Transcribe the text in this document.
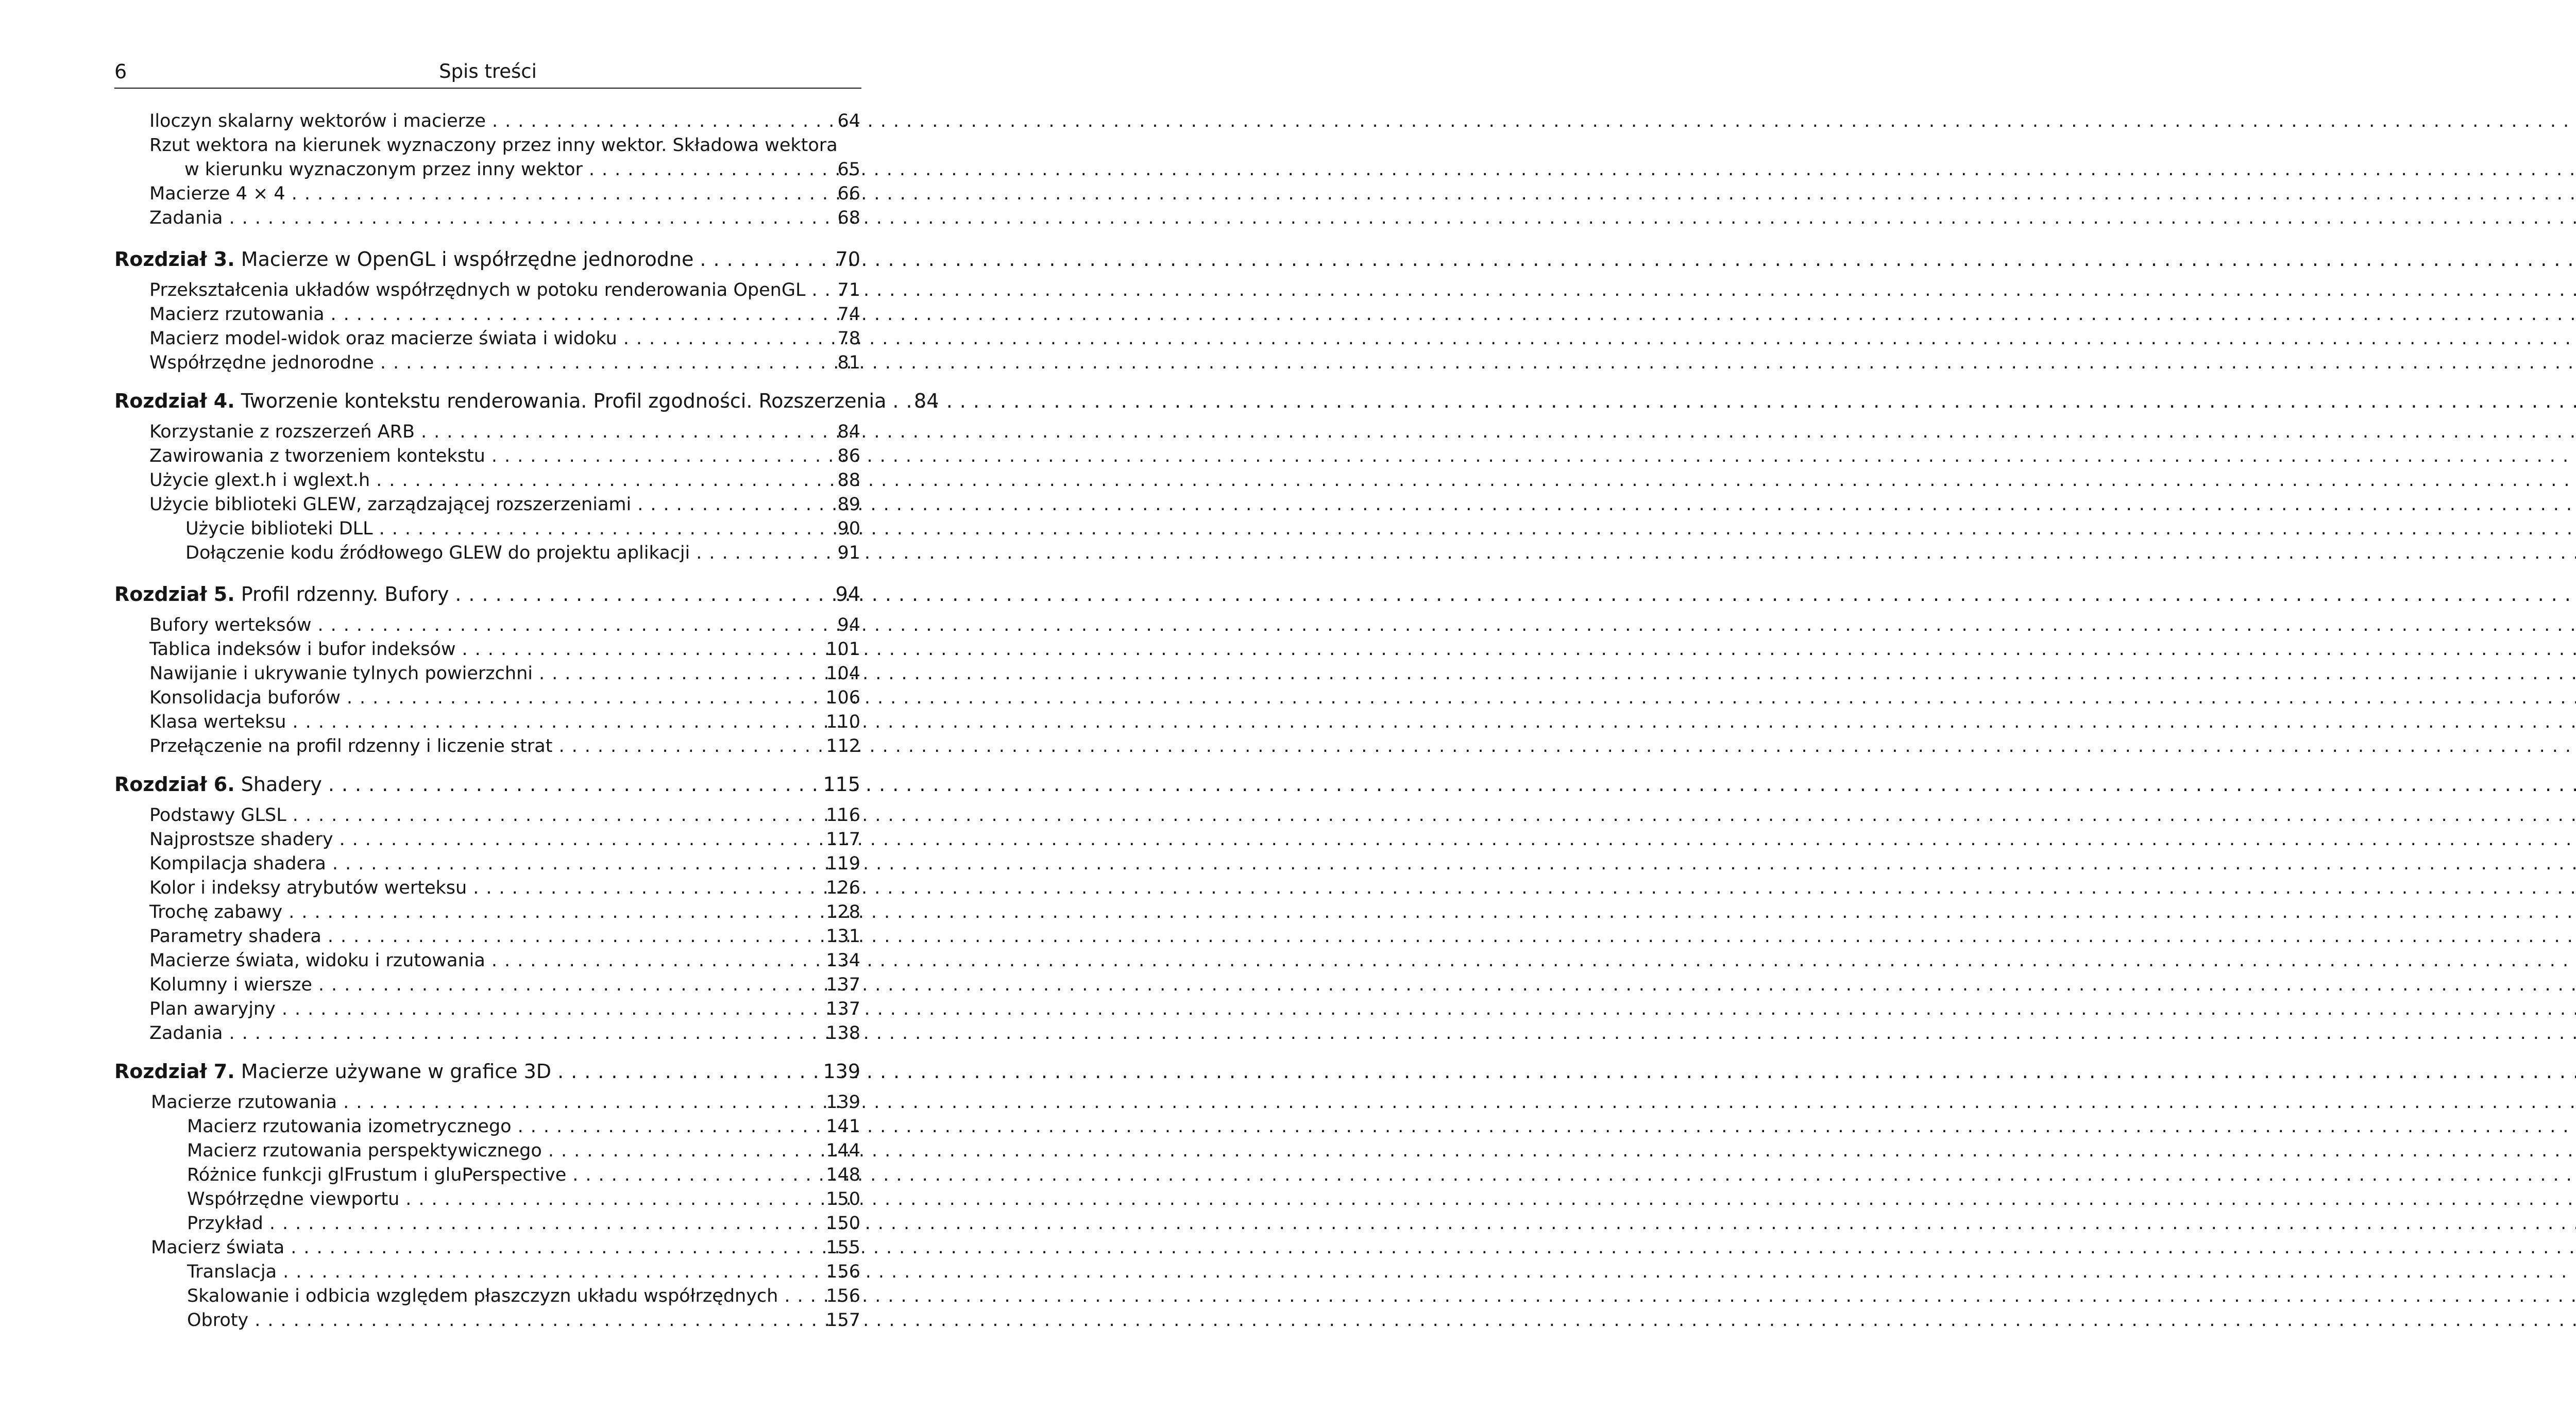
6	Spis treści
Iloczyn skalarny wektorów i macierze .....	64
Rzut wektora na kierunek wyznaczony przez inny wektor. Składowa wektora
w kierunku wyznaczonym przez inny wektor .....	65
Macierze 4 × 4 .....	66
Zadania .....	68
Rozdział 3. Macierze w OpenGL i współrzędne jednorodne .....	70
Przekształcenia układów współrzędnych w potoku renderowania OpenGL .....	71
Macierz rzutowania .....	74
Macierz model-widok oraz macierze świata i widoku .....	78
Współrzędne jednorodne .....	81
Rozdział 4. Tworzenie kontekstu renderowania. Profil zgodności. Rozszerzenia .....	84
Korzystanie z rozszerzeń ARB .....	84
Zawirowania z tworzeniem kontekstu .....	86
Użycie glext.h i wglext.h .....	88
Użycie biblioteki GLEW, zarządzającej rozszerzeniami .....	89
Użycie biblioteki DLL .....	90
Dołączenie kodu źródłowego GLEW do projektu aplikacji .....	91
Rozdział 5. Profil rdzenny. Bufory .....	94
Bufory werteksów .....	94
Tablica indeksów i bufor indeksów .....	101
Nawijanie i ukrywanie tylnych powierzchni .....	104
Konsolidacja buforów .....	106
Klasa werteksu .....	110
Przełączenie na profil rdzenny i liczenie strat .....	112
Rozdział 6. Shadery .....	115
Podstawy GLSL .....	116
Najprostsze shadery .....	117
Kompilacja shadera .....	119
Kolor i indeksy atrybutów werteksu .....	126
Trochę zabawy .....	128
Parametry shadera .....	131
Macierze świata, widoku i rzutowania .....	134
Kolumny i wiersze .....	137
Plan awaryjny .....	137
Zadania .....	138
Rozdział 7. Macierze używane w grafice 3D .....	139
Macierze rzutowania .....	139
Macierz rzutowania izometrycznego .....	141
Macierz rzutowania perspektywicznego .....	144
Różnice funkcji glFrustum i gluPerspective .....	148
Współrzędne viewportu .....	150
Przykład .....	150
Macierz świata .....	155
Translacja .....	156
Skalowanie i odbicia względem płaszczyzn układu współrzędnych .....	156
Obroty .....	157
